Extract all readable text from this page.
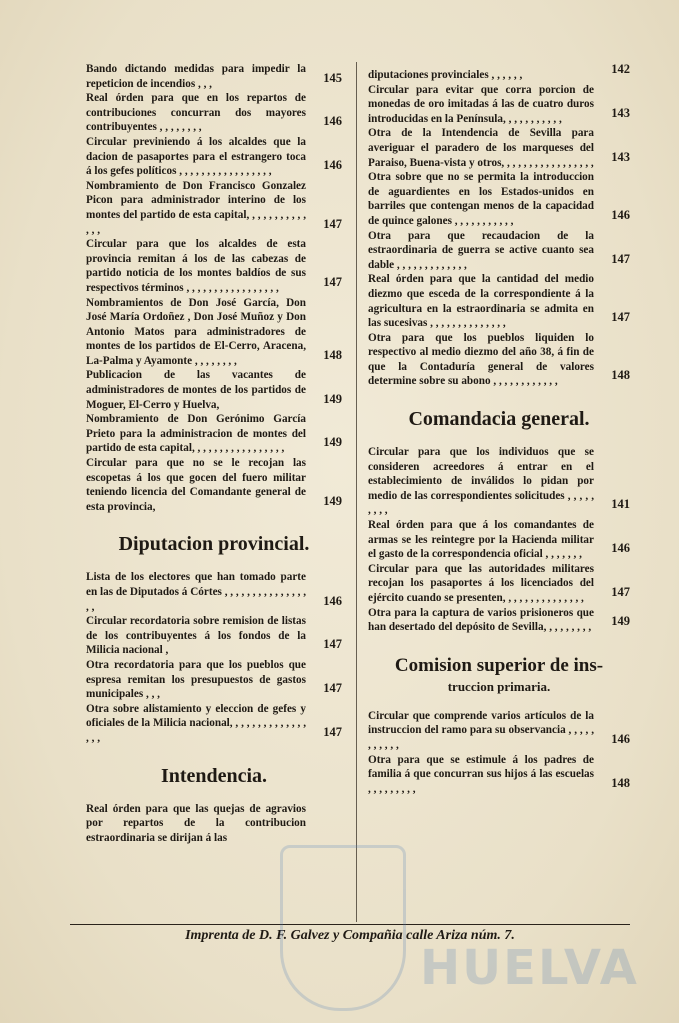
Bando dictando medidas para impedir la repeticion de incendios , , ,	145
Real órden para que en los repartos de contribuciones concurran dos mayores contribuyentes , , , , , , , ,	146
Circular previniendo á los alcaldes que la dacion de pasaportes para el estrangero toca á los gefes políticos , , , , , , , , , , , , , , , , ,	146
Nombramiento de Don Francisco Gonzalez Picon para administrador interino de los montes del partido de esta capital, , , , , , , , , , , , , ,	147
Circular para que los alcaldes de esta provincia remitan á los de las cabezas de partido noticia de los montes baldíos de sus respectivos términos , , , , , , , , , , , , , , , , ,	147
Nombramientos de Don José García, Don José María Ordoñez , Don José Muñoz y Don Antonio Matos para administradores de montes de los partidos de El-Cerro, Aracena, La-Palma y Ayamonte , , , , , , , ,	148
Publicacion de las vacantes de administradores de montes de los partidos de Moguer, El-Cerro y Huelva,	149
Nombramiento de Don Gerónimo García Prieto para la administracion de montes del partido de esta capital, , , , , , , , , , , , , , , , ,	149
Circular para que no se le recojan las escopetas á los que gocen del fuero militar teniendo licencia del Comandante general de esta provincia,	149
Diputacion provincial.
Lista de los electores que han tomado parte en las de Diputados á Córtes , , , , , , , , , , , , , , , , ,	146
Circular recordatoria sobre remision de listas de los contribuyentes á los fondos de la Milicia nacional ,	147
Otra recordatoria para que los pueblos que espresa remitan los presupuestos de gastos municipales , , ,	147
Otra sobre alistamiento y eleccion de gefes y oficiales de la Milicia nacional, , , , , , , , , , , , , , , , ,	147
Intendencia.
Real órden para que las quejas de agravios por repartos de la contribucion estraordinaria se dirijan á las
diputaciones provinciales , , , , , ,	142
Circular para evitar que corra porcion de monedas de oro imitadas á las de cuatro duros introducidas en la Península, , , , , , , , , , ,	143
Otra de la Intendencia de Sevilla para averiguar el paradero de los marqueses del Paraiso, Buena-vista y otros, , , , , , , , , , , , , , , , ,	143
Otra sobre que no se permita la introduccion de aguardientes en los Estados-unidos en barriles que contengan menos de la capacidad de quince galones , , , , , , , , , , ,	146
Otra para que recaudacion de la estraordinaria de guerra se active cuanto sea dable , , , , , , , , , , , , ,	147
Real órden para que la cantidad del medio diezmo que esceda de la correspondiente á la agricultura en la estraordinaria se admita en las sucesivas , , , , , , , , , , , , , ,	147
Otra para que los pueblos liquiden lo respectivo al medio diezmo del año 38, á fin de que la Contaduría general de valores determine sobre su abono , , , , , , , , , , , ,	148
Comandacia general.
Circular para que los individuos que se consideren acreedores á entrar en el establecimiento de inválidos lo pidan por medio de las correspondientes solicitudes , , , , , , , , ,	141
Real órden para que á los comandantes de armas se les reintegre por la Hacienda militar el gasto de la correspondencia oficial , , , , , , ,	146
Circular para que las autoridades militares recojan los pasaportes á los licenciados del ejército cuando se presenten, , , , , , , , , , , , , , ,	147
Otra para la captura de varios prisioneros que han desertado del depósito de Sevilla, , , , , , , , ,	149
Comision superior de ins-
truccion primaria.
Circular que comprende varios artículos de la instruccion del ramo para su observancia , , , , , , , , , , ,	146
Otra para que se estimule á los padres de familia á que concurran sus hijos á las escuelas , , , , , , , , ,	148
Imprenta de D. F. Galvez y Compañia calle Ariza núm. 7.
HUELVA
